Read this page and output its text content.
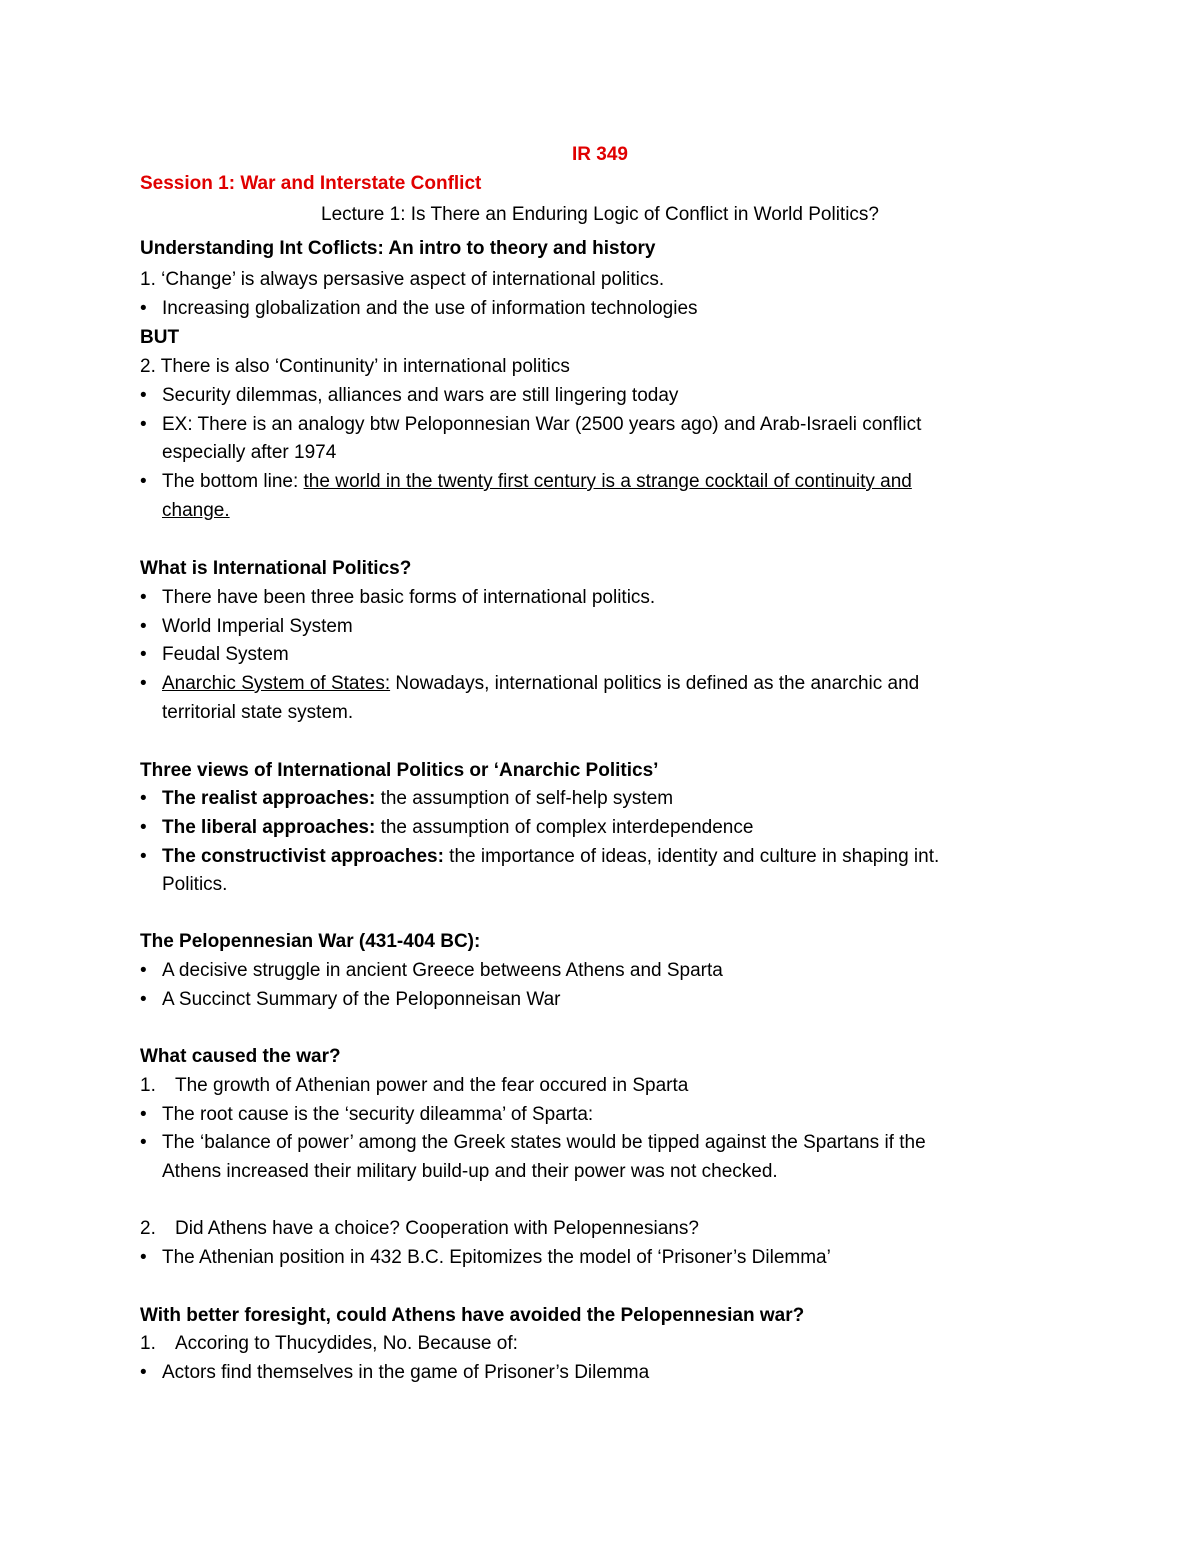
IR 349
Session 1: War and Interstate Conflict
Lecture 1: Is There an Enduring Logic of Conflict in World Politics?
Understanding Int Coflicts: An intro to theory and history
1. ‘Change’ is always persasive aspect of international politics.
• Increasing globalization and the use of information technologies
BUT
2. There is also ‘Continunity’ in international politics
• Security dilemmas, alliances and wars are still lingering today
• EX: There is an analogy btw Peloponnesian War (2500 years ago) and Arab-Israeli conflict
especially after 1974
• The bottom line: the world in the twenty first century is a strange cocktail of continuity and
change.
What is International Politics?
• There have been three basic forms of international politics.
• World Imperial System
• Feudal System
• Anarchic System of States: Nowadays, international politics is defined as the anarchic and
territorial state system.
Three views of International Politics or ‘Anarchic Politics’
• The realist approaches: the assumption of self-help system
• The liberal approaches: the assumption of complex interdependence
• The constructivist approaches: the importance of ideas, identity and culture in shaping int.
Politics.
The Pelopennesian War (431-404 BC):
• A decisive struggle in ancient Greece betweens Athens and Sparta
• A Succinct Summary of the Peloponneisan War
What caused the war?
1. The growth of Athenian power and the fear occured in Sparta
• The root cause is the ‘security dileamma’ of Sparta:
• The ‘balance of power’ among the Greek states would be tipped against the Spartans if the
Athens increased their military build-up and their power was not checked.
2. Did Athens have a choice? Cooperation with Pelopennesians?
• The Athenian position in 432 B.C. Epitomizes the model of ‘Prisoner’s Dilemma’
With better foresight, could Athens have avoided the Pelopennesian war?
1. Accoring to Thucydides, No. Because of:
• Actors find themselves in the game of Prisoner’s Dilemma
